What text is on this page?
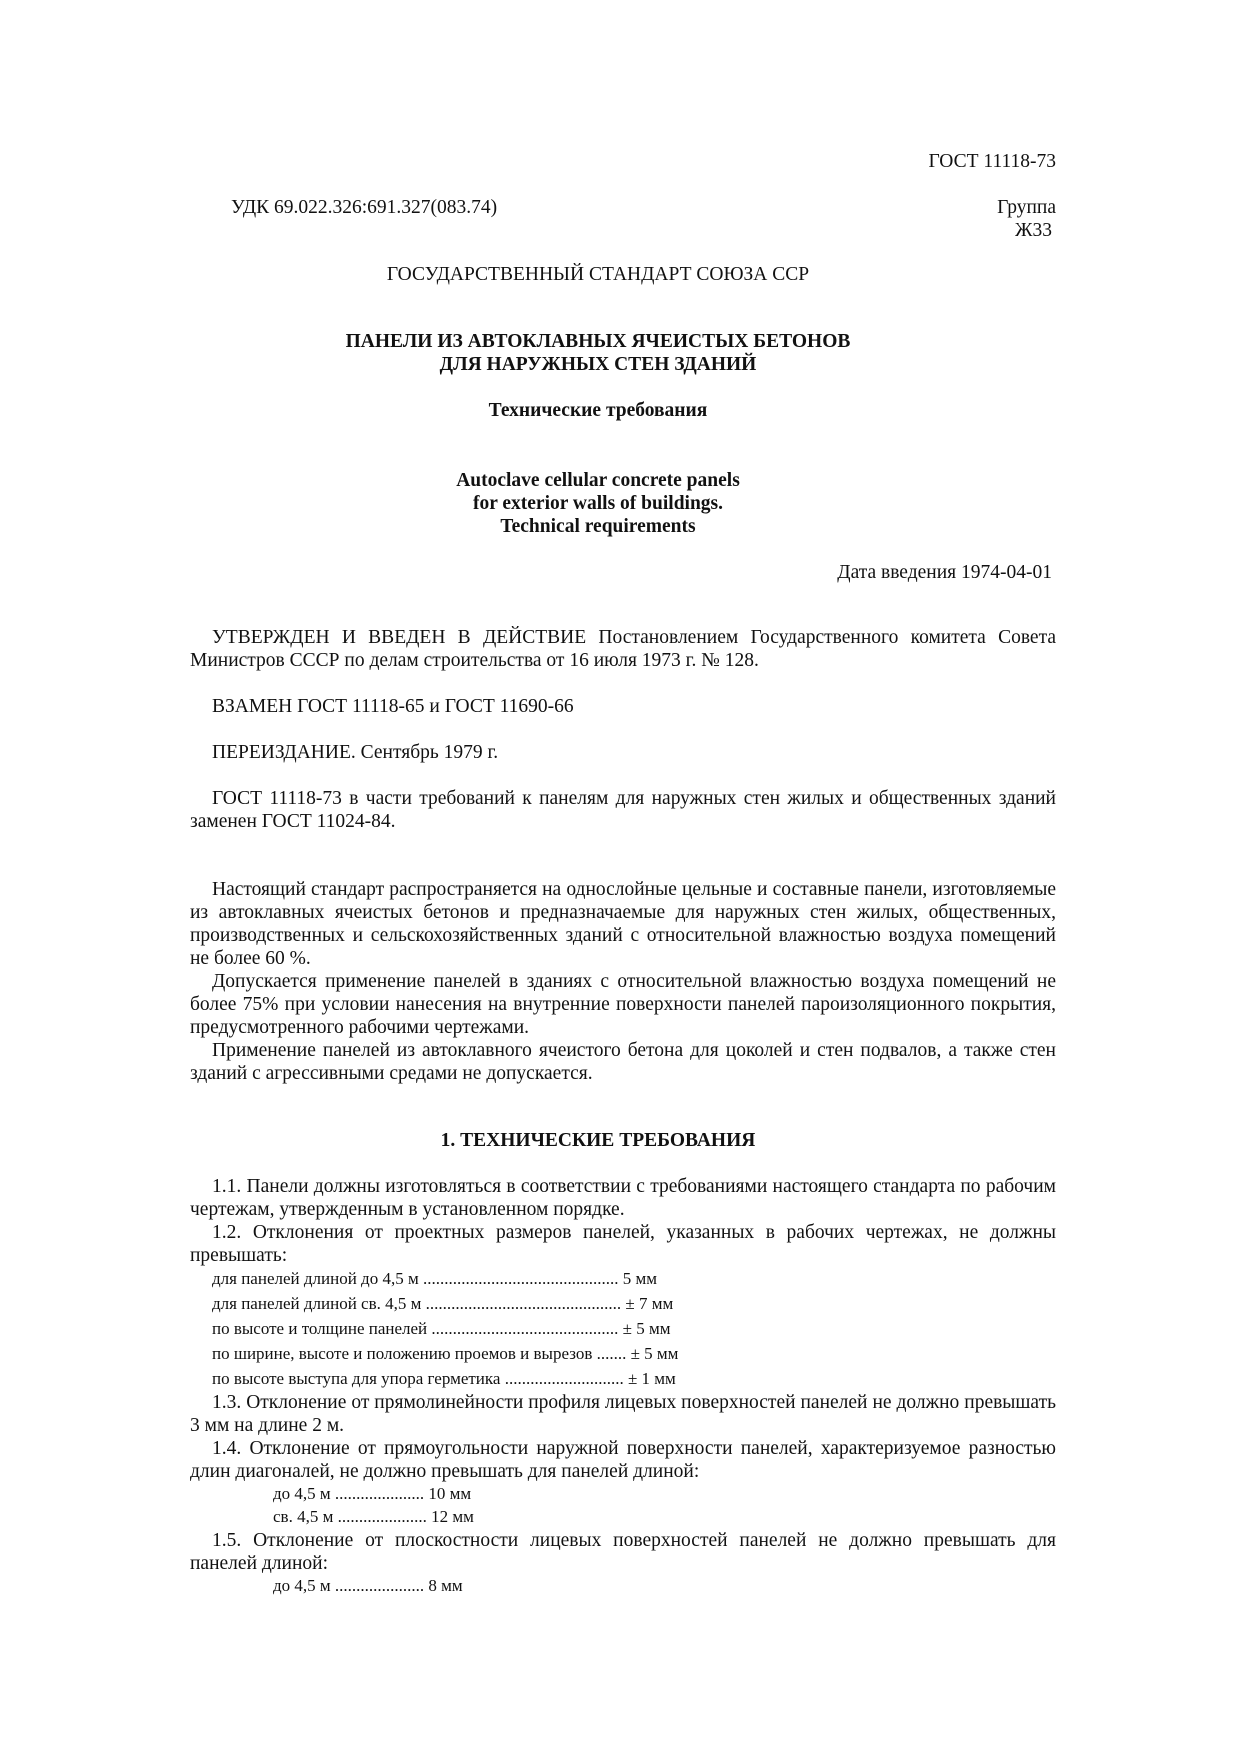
ГОСТ 11118-73
УДК 69.022.326:691.327(083.74)	Группа
Ж33
ГОСУДАРСТВЕННЫЙ СТАНДАРТ СОЮЗА ССР
ПАНЕЛИ ИЗ АВТОКЛАВНЫХ ЯЧЕИСТЫХ БЕТОНОВ
ДЛЯ НАРУЖНЫХ СТЕН ЗДАНИЙ
Технические требования
Autoclave cellular concrete panels
for exterior walls of buildings.
Technical requirements
Дата введения 1974-04-01
УТВЕРЖДЕН И ВВЕДЕН В ДЕЙСТВИЕ Постановлением Государственного комитета Совета Министров СССР по делам строительства от 16 июля 1973 г. № 128.
ВЗАМЕН ГОСТ 11118-65 и ГОСТ 11690-66
ПЕРЕИЗДАНИЕ. Сентябрь 1979 г.
ГОСТ 11118-73 в части требований к панелям для наружных стен жилых и общественных зданий заменен ГОСТ 11024-84.
Настоящий стандарт распространяется на однослойные цельные и составные панели, изготовляемые из автоклавных ячеистых бетонов и предназначаемые для наружных стен жилых, общественных, производственных и сельскохозяйственных зданий с относительной влажностью воздуха помещений не более 60 %.
Допускается применение панелей в зданиях с относительной влажностью воздуха помещений не более 75% при условии нанесения на внутренние поверхности панелей пароизоляционного покрытия, предусмотренного рабочими чертежами.
Применение панелей из автоклавного ячеистого бетона для цоколей и стен подвалов, а также стен зданий с агрессивными средами не допускается.
1. ТЕХНИЧЕСКИЕ ТРЕБОВАНИЯ
1.1. Панели должны изготовляться в соответствии с требованиями настоящего стандарта по рабочим чертежам, утвержденным в установленном порядке.
1.2. Отклонения от проектных размеров панелей, указанных в рабочих чертежах, не должны превышать:
для панелей длиной до 4,5 м .............................................. 5 мм
для панелей длиной св. 4,5 м .............................................. ± 7 мм
по высоте и толщине панелей ............................................ ± 5 мм
по ширине, высоте и положению проемов и вырезов ....... ± 5 мм
по высоте выступа для упора герметика ............................ ± 1 мм
1.3. Отклонение от прямолинейности профиля лицевых поверхностей панелей не должно превышать 3 мм на длине 2 м.
1.4. Отклонение от прямоугольности наружной поверхности панелей, характеризуемое разностью длин диагоналей, не должно превышать для панелей длиной:
до 4,5 м ..................... 10 мм
св. 4,5 м ..................... 12 мм
1.5. Отклонение от плоскостности лицевых поверхностей панелей не должно превышать для панелей длиной:
до 4,5 м ..................... 8 мм
